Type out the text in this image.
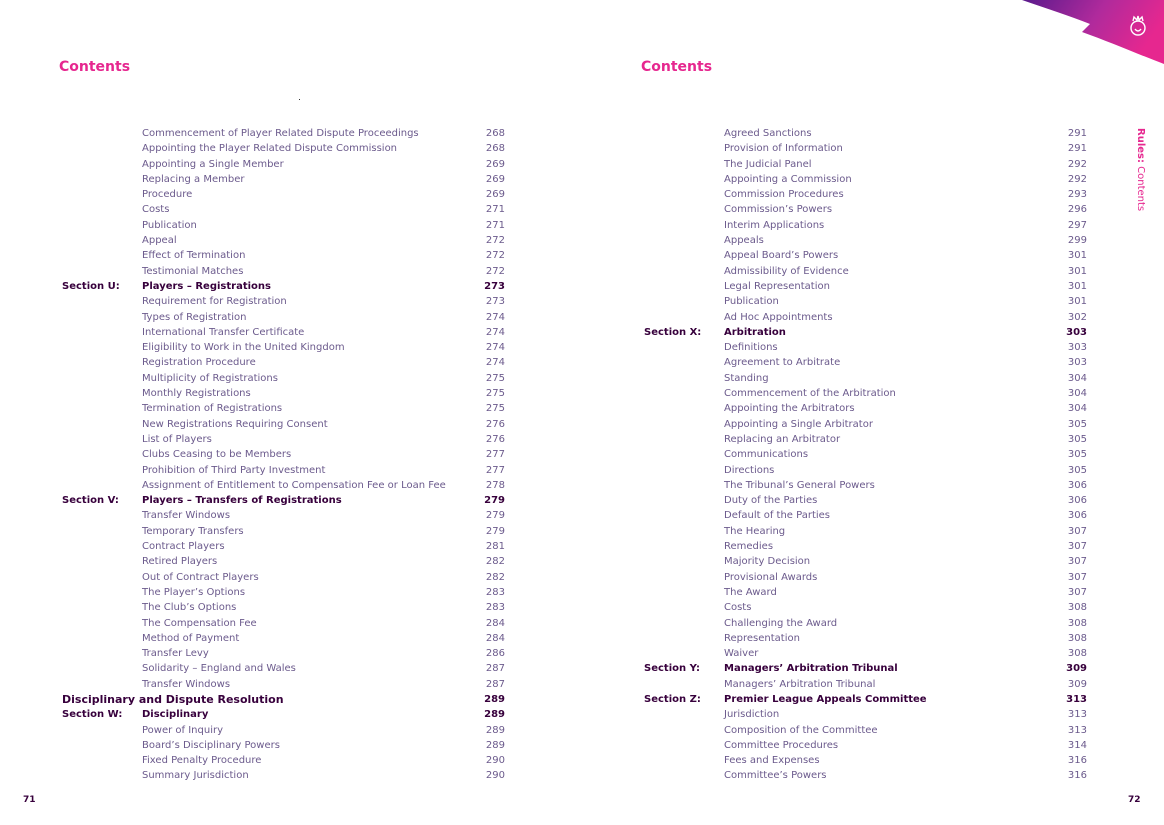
Contents
Commencement of Player Related Dispute Proceedings	268
Appointing the Player Related Dispute Commission	268
Appointing a Single Member	269
Replacing a Member	269
Procedure	269
Costs	271
Publication	271
Appeal	272
Effect of Termination	272
Testimonial Matches	272
Section U: Players – Registrations	273
Requirement for Registration	273
Types of Registration	274
International Transfer Certificate	274
Eligibility to Work in the United Kingdom	274
Registration Procedure	274
Multiplicity of Registrations	275
Monthly Registrations	275
Termination of Registrations	275
New Registrations Requiring Consent	276
List of Players	276
Clubs Ceasing to be Members	277
Prohibition of Third Party Investment	277
Assignment of Entitlement to Compensation Fee or Loan Fee	278
Section V: Players – Transfers of Registrations	279
Transfer Windows	279
Temporary Transfers	279
Contract Players	281
Retired Players	282
Out of Contract Players	282
The Player’s Options	283
The Club’s Options	283
The Compensation Fee	284
Method of Payment	284
Transfer Levy	286
Solidarity – England and Wales	287
Transfer Windows	287
Disciplinary and Dispute Resolution	289
Section W: Disciplinary	289
Power of Inquiry	289
Board’s Disciplinary Powers	289
Fixed Penalty Procedure	290
Summary Jurisdiction	290
71
Contents
Agreed Sanctions	291
Provision of Information	291
The Judicial Panel	292
Appointing a Commission	292
Commission Procedures	293
Commission’s Powers	296
Interim Applications	297
Appeals	299
Appeal Board’s Powers	301
Admissibility of Evidence	301
Legal Representation	301
Publication	301
Ad Hoc Appointments	302
Section X: Arbitration	303
Definitions	303
Agreement to Arbitrate	303
Standing	304
Commencement of the Arbitration	304
Appointing the Arbitrators	304
Appointing a Single Arbitrator	305
Replacing an Arbitrator	305
Communications	305
Directions	305
The Tribunal’s General Powers	306
Duty of the Parties	306
Default of the Parties	306
The Hearing	307
Remedies	307
Majority Decision	307
Provisional Awards	307
The Award	307
Costs	308
Challenging the Award	308
Representation	308
Waiver	308
Section Y: Managers’ Arbitration Tribunal	309
Managers’ Arbitration Tribunal	309
Section Z: Premier League Appeals Committee	313
Jurisdiction	313
Composition of the Committee	313
Committee Procedures	314
Fees and Expenses	316
Committee’s Powers	316
72
Rules: Contents
